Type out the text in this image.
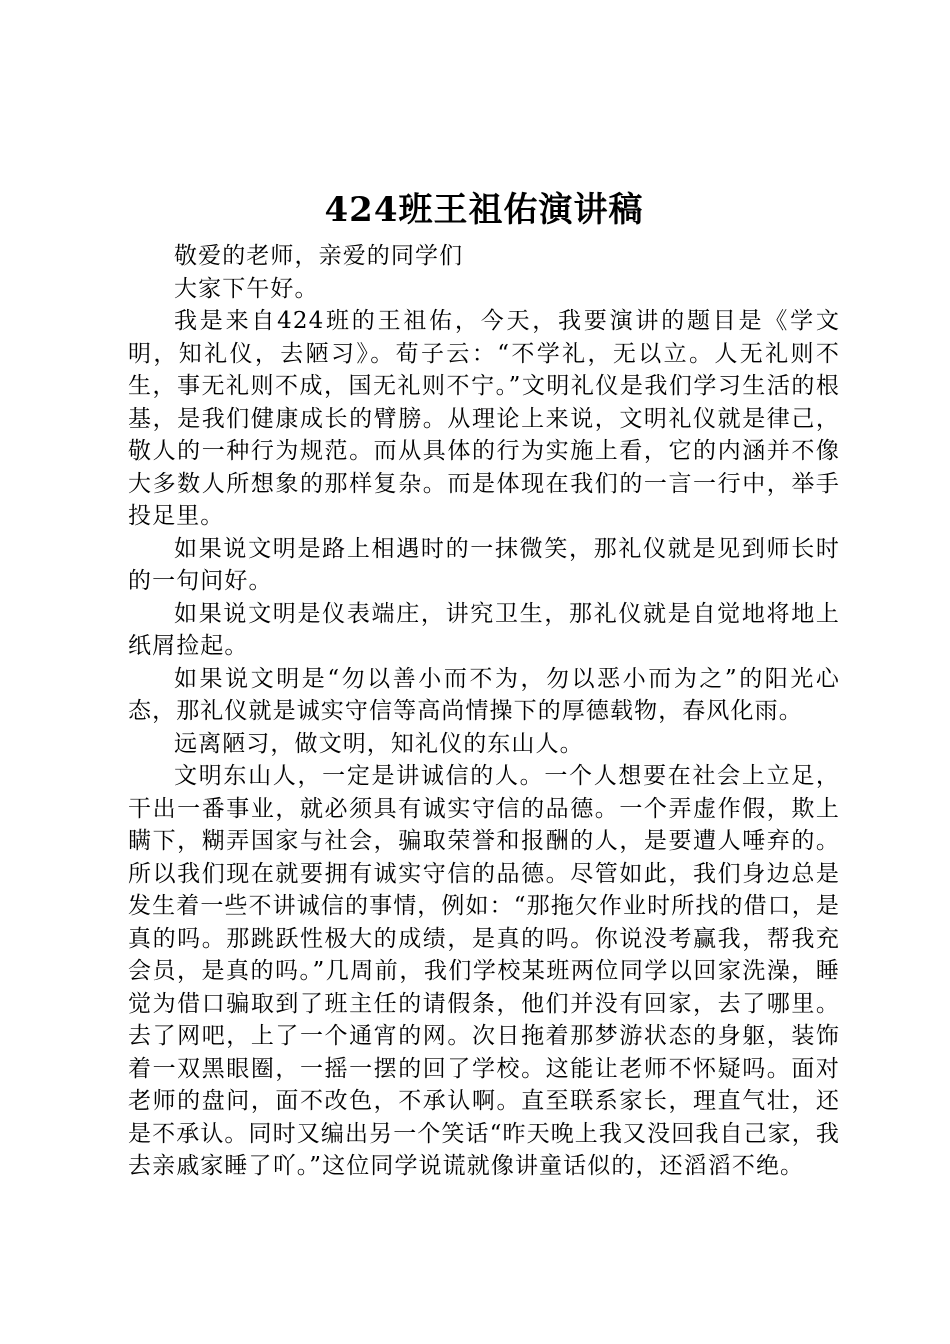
424班王祖佑演讲稿

敬爱的老师，亲爱的同学们

大家下午好。

我是来自424班的王祖佑，今天，我要演讲的题目是《学文明，知礼仪，去陋习》。荀子云：“不学礼，无以立。人无礼则不生，事无礼则不成，国无礼则不宁。”文明礼仪是我们学习生活的根基，是我们健康成长的臂膀。从理论上来说，文明礼仪就是律己，敬人的一种行为规范。而从具体的行为实施上看，它的内涵并不像大多数人所想象的那样复杂。而是体现在我们的一言一行中，举手投足里。

如果说文明是路上相遇时的一抹微笑，那礼仪就是见到师长时的一句问好。

如果说文明是仪表端庄，讲究卫生，那礼仪就是自觉地将地上纸屑捡起。

如果说文明是“勿以善小而不为，勿以恶小而为之”的阳光心态，那礼仪就是诚实守信等高尚情操下的厚德载物，春风化雨。

远离陋习，做文明，知礼仪的东山人。

文明东山人，一定是讲诚信的人。一个人想要在社会上立足，干出一番事业，就必须具有诚实守信的品德。一个弄虚作假，欺上瞒下，糊弄国家与社会，骗取荣誉和报酬的人，是要遭人唾弃的。所以我们现在就要拥有诚实守信的品德。尽管如此，我们身边总是发生着一些不讲诚信的事情，例如：“那拖欠作业时所找的借口，是真的吗。那跳跃性极大的成绩，是真的吗。你说没考赢我，帮我充会员，是真的吗。”几周前，我们学校某班两位同学以回家洗澡，睡觉为借口骗取到了班主任的请假条，他们并没有回家，去了哪里。去了网吧，上了一个通宵的网。次日拖着那梦游状态的身躯，装饰着一双黑眼圈，一摇一摆的回了学校。这能让老师不怀疑吗。面对老师的盘问，面不改色，不承认啊。直至联系家长，理直气壮，还是不承认。同时又编出另一个笑话“昨天晚上我又没回我自己家，我去亲戚家睡了吖。”这位同学说谎就像讲童话似的，还滔滔不绝。
